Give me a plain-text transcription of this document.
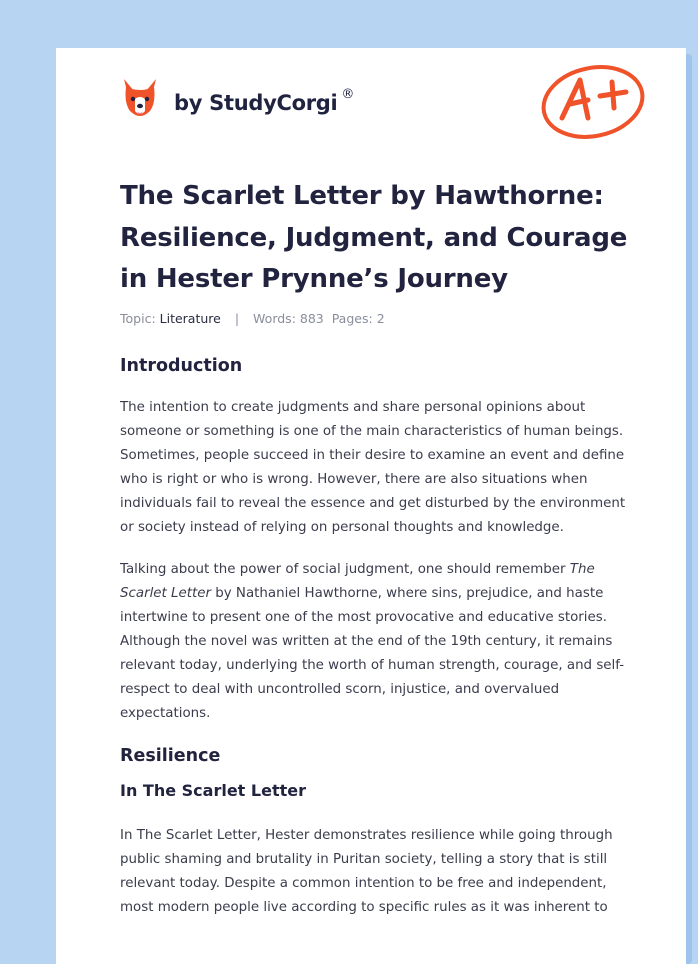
by StudyCorgi ®
A+
The Scarlet Letter by Hawthorne: Resilience, Judgment, and Courage in Hester Prynne’s Journey
Topic: Literature | Words: 883 Pages: 2
Introduction

The intention to create judgments and share personal opinions about someone or something is one of the main characteristics of human beings. Sometimes, people succeed in their desire to examine an event and define who is right or who is wrong. However, there are also situations when individuals fail to reveal the essence and get disturbed by the environment or society instead of relying on personal thoughts and knowledge.

Talking about the power of social judgment, one should remember The Scarlet Letter by Nathaniel Hawthorne, where sins, prejudice, and haste intertwine to present one of the most provocative and educative stories. Although the novel was written at the end of the 19th century, it remains relevant today, underlying the worth of human strength, courage, and self-respect to deal with uncontrolled scorn, injustice, and overvalued expectations.

Resilience
In The Scarlet Letter

In The Scarlet Letter, Hester demonstrates resilience while going through public shaming and brutality in Puritan society, telling a story that is still relevant today. Despite a common intention to be free and independent, most modern people live according to specific rules as it was inherent to
